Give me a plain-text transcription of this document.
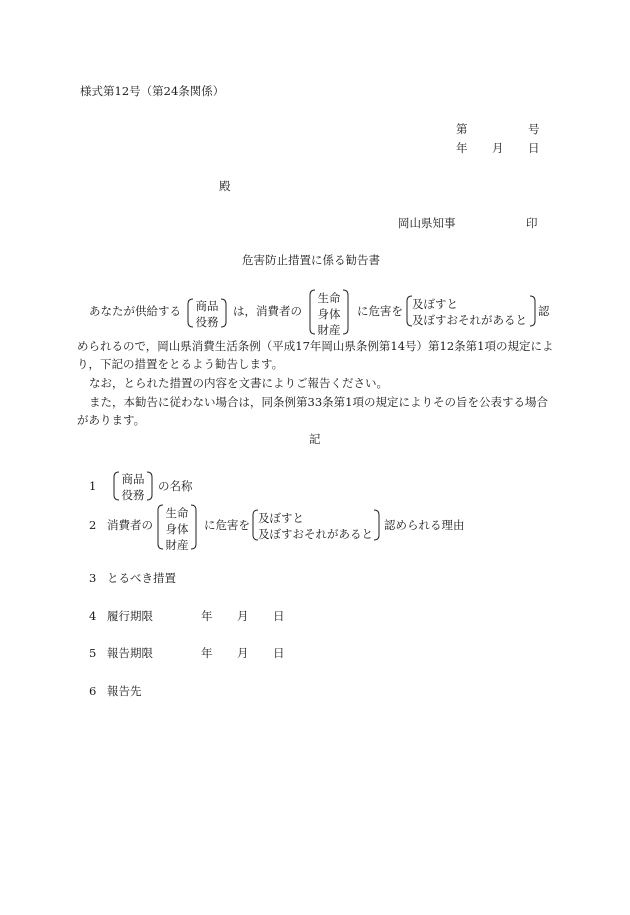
様式第12号（第24条関係）
第	号
年 月 日
殿
岡山県知事	印
危害防止措置に係る勧告書
あなたが供給する 商品
役務
は，消費者の
生命
身体
財産
に危害を 及ぼすと
及ぼすおそれがあると
認
められるので，岡山県消費生活条例（平成17年岡山県条例第14号）第12条第1項の規定によ
り，下記の措置をとるよう勧告します。
なお，とられた措置の内容を文書によりご報告ください。
また，本勧告に従わない場合は，同条例第33条第1項の規定によりその旨を公表する場合
があります。
記
1 商品
役務
の名称
2 消費者の
生命
身体
財産
に危害を 及ぼすと
及ぼすおそれがあると
認められる理由
3 とるべき措置
4 履行期限	年 月 日
5 報告期限	年 月 日
6 報告先
